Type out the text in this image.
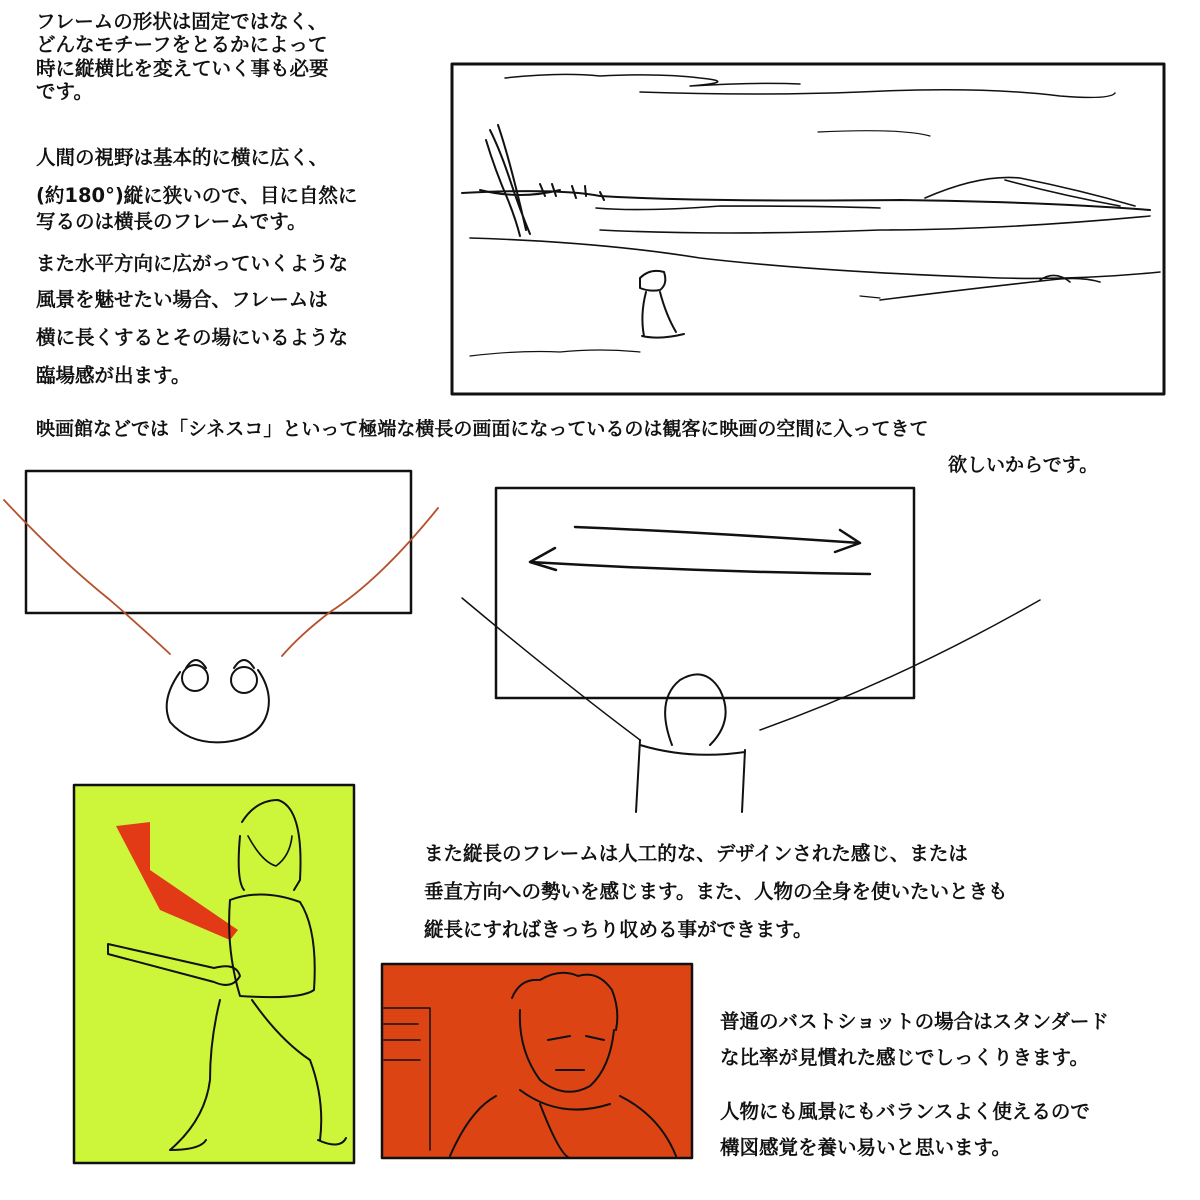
フレームの形状は固定ではなく、
どんなモチーフをとるかによって
時に縦横比を変えていく事も必要
です。
人間の視野は基本的に横に広く、
(約180°)縦に狭いので、目に自然に
写るのは横長のフレームです。
また水平方向に広がっていくような
風景を魅せたい場合、フレームは
横に長くするとその場にいるような
臨場感が出ます。
映画館などでは「シネスコ」といって極端な横長の画面になっているのは観客に映画の空間に入ってきて
欲しいからです。
また縦長のフレームは人工的な、デザインされた感じ、または
垂直方向への勢いを感じます。また、人物の全身を使いたいときも
縦長にすればきっちり収める事ができます。
普通のバストショットの場合はスタンダード
な比率が見慣れた感じでしっくりきます。
人物にも風景にもバランスよく使えるので
構図感覚を養い易いと思います。
